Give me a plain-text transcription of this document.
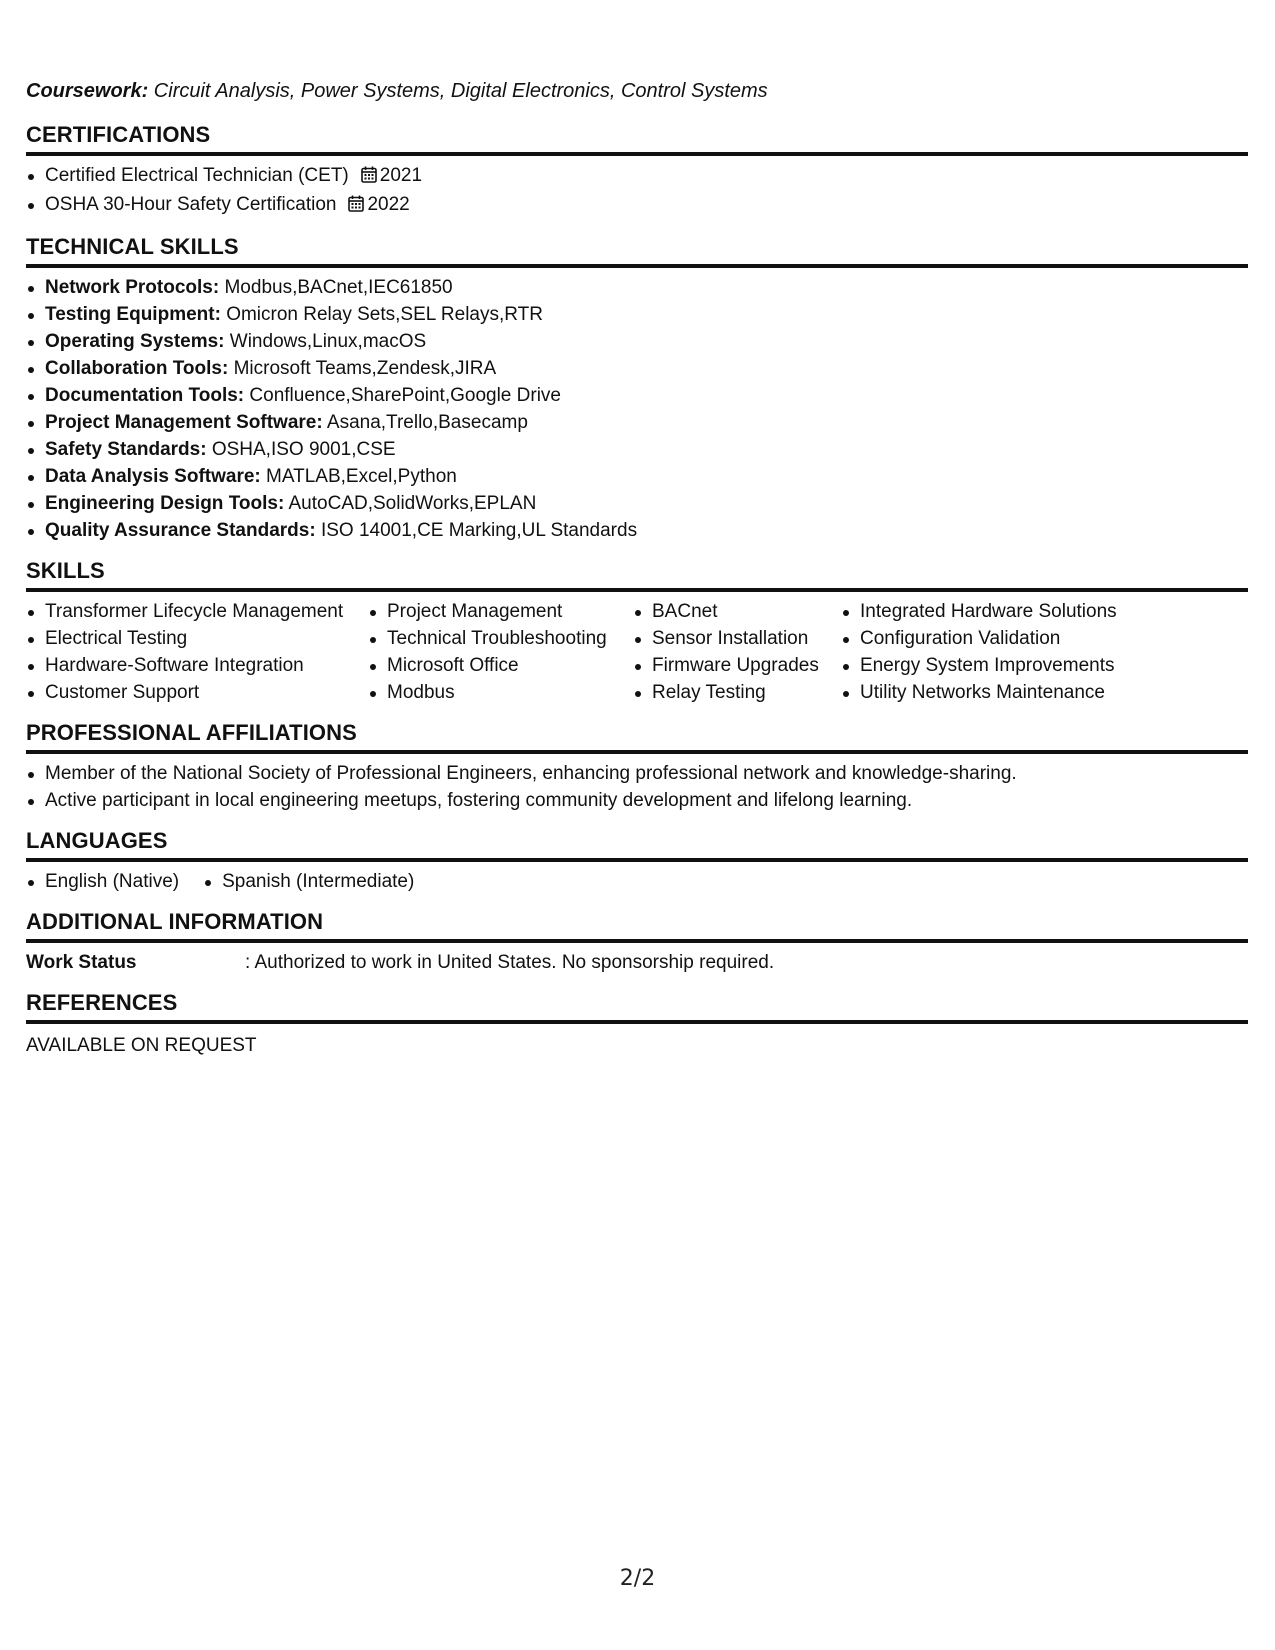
Coursework: Circuit Analysis, Power Systems, Digital Electronics, Control Systems

CERTIFICATIONS
Certified Electrical Technician (CET) 2021
OSHA 30-Hour Safety Certification 2022
TECHNICAL SKILLS
Network Protocols: Modbus,BACnet,IEC61850
Testing Equipment: Omicron Relay Sets,SEL Relays,RTR
Operating Systems: Windows,Linux,macOS
Collaboration Tools: Microsoft Teams,Zendesk,JIRA
Documentation Tools: Confluence,SharePoint,Google Drive
Project Management Software: Asana,Trello,Basecamp
Safety Standards: OSHA,ISO 9001,CSE
Data Analysis Software: MATLAB,Excel,Python
Engineering Design Tools: AutoCAD,SolidWorks,EPLAN
Quality Assurance Standards: ISO 14001,CE Marking,UL Standards
SKILLS
Transformer Lifecycle Management
Electrical Testing
Hardware-Software Integration
Customer Support
Project Management
Technical Troubleshooting
Microsoft Office
Modbus
BACnet
Sensor Installation
Firmware Upgrades
Relay Testing
Integrated Hardware Solutions
Configuration Validation
Energy System Improvements
Utility Networks Maintenance
PROFESSIONAL AFFILIATIONS
Member of the National Society of Professional Engineers, enhancing professional network and knowledge-sharing.
Active participant in local engineering meetups, fostering community development and lifelong learning.
LANGUAGES
English (Native)	Spanish (Intermediate)
ADDITIONAL INFORMATION
Work Status	: Authorized to work in United States. No sponsorship required.
REFERENCES

AVAILABLE ON REQUEST

2/2
